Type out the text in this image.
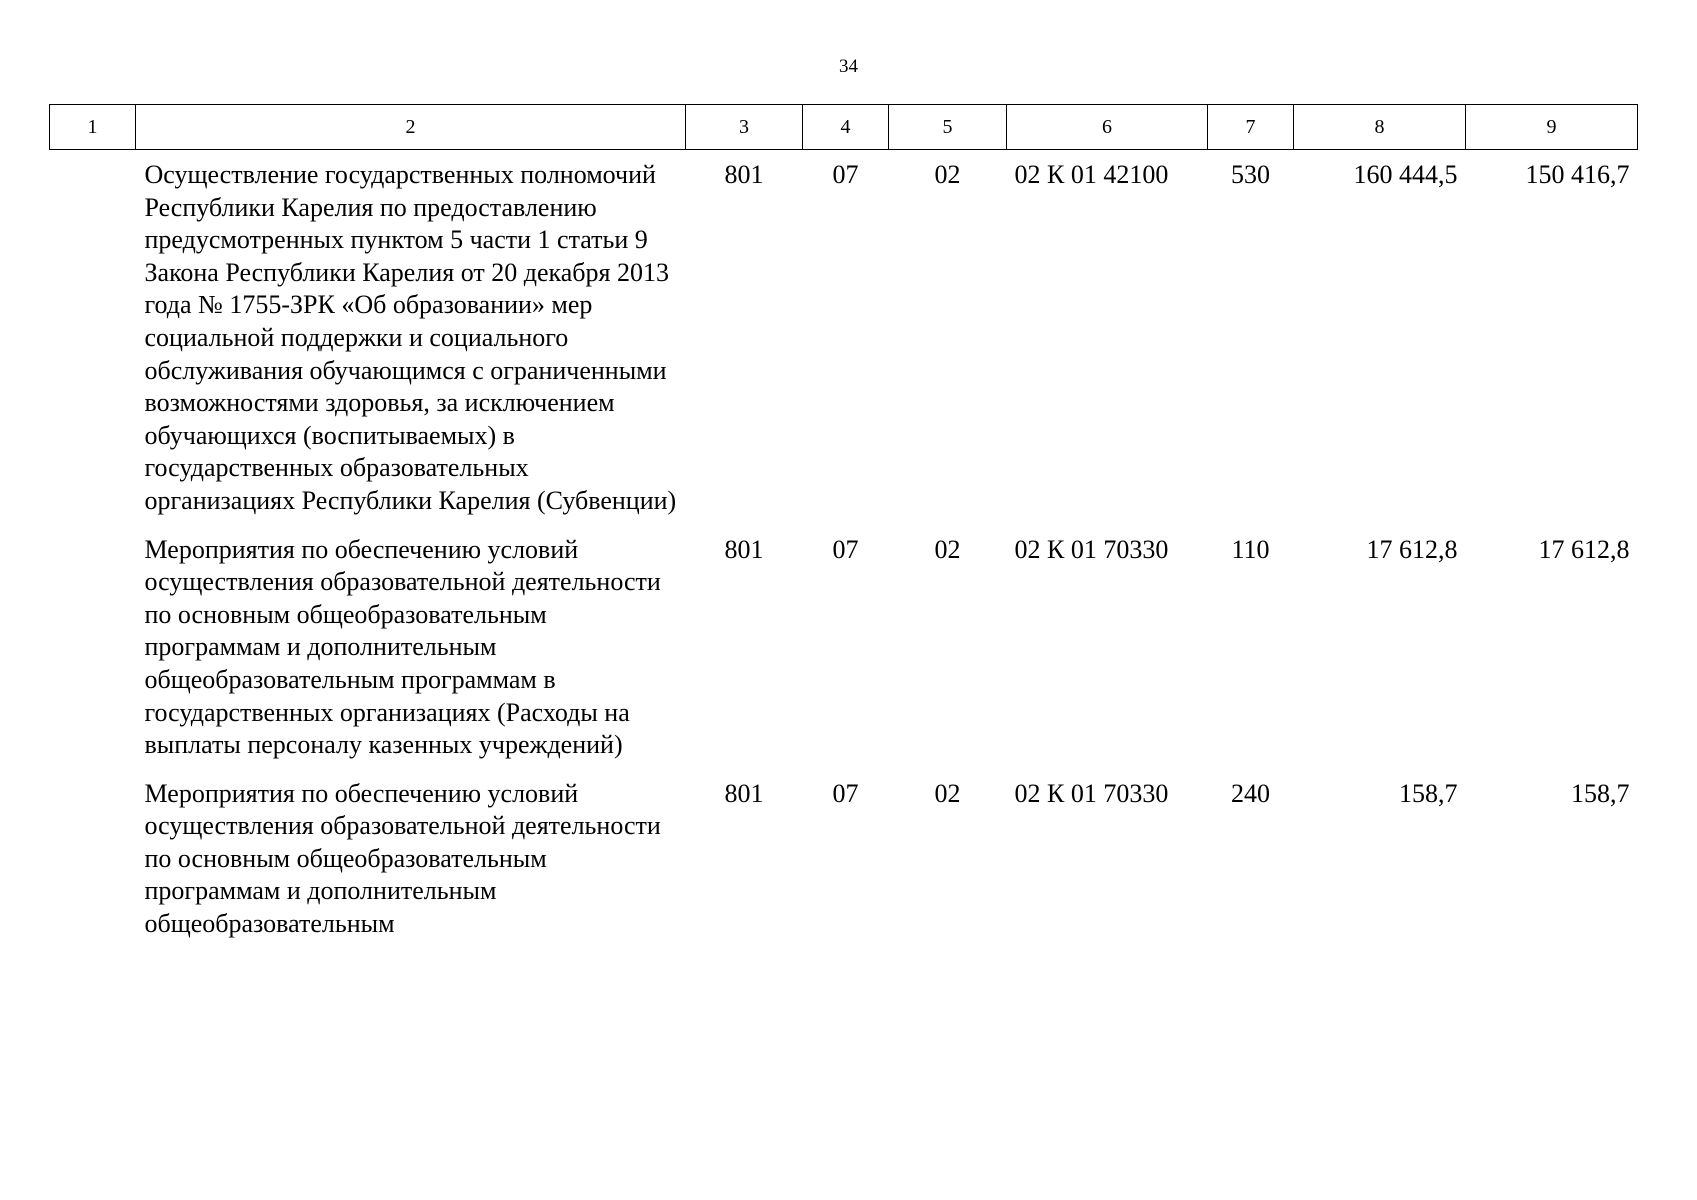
34
1	2	3	4	5	6	7	8	9
	Осуществление государственных полномочий Республики Карелия по предоставлению предусмотренных пунктом 5 части 1 статьи 9 Закона Республики Карелия от 20 декабря 2013 года № 1755-ЗРК «Об образовании» мер социальной поддержки и социального обслуживания обучающимся с ограниченными возможностями здоровья, за исключением обучающихся (воспитываемых) в государственных образовательных организациях Республики Карелия (Субвенции)	801	07	02	02 К 01 42100	530	160 444,5	150 416,7
	Мероприятия по обеспечению условий осуществления образовательной деятельности по основным общеобразовательным программам и дополнительным общеобразовательным программам в государственных организациях (Расходы на выплаты персоналу казенных учреждений)	801	07	02	02 К 01 70330	110	17 612,8	17 612,8
	Мероприятия по обеспечению условий осуществления образовательной деятельности по основным общеобразовательным программам и дополнительным общеобразовательным	801	07	02	02 К 01 70330	240	158,7	158,7
